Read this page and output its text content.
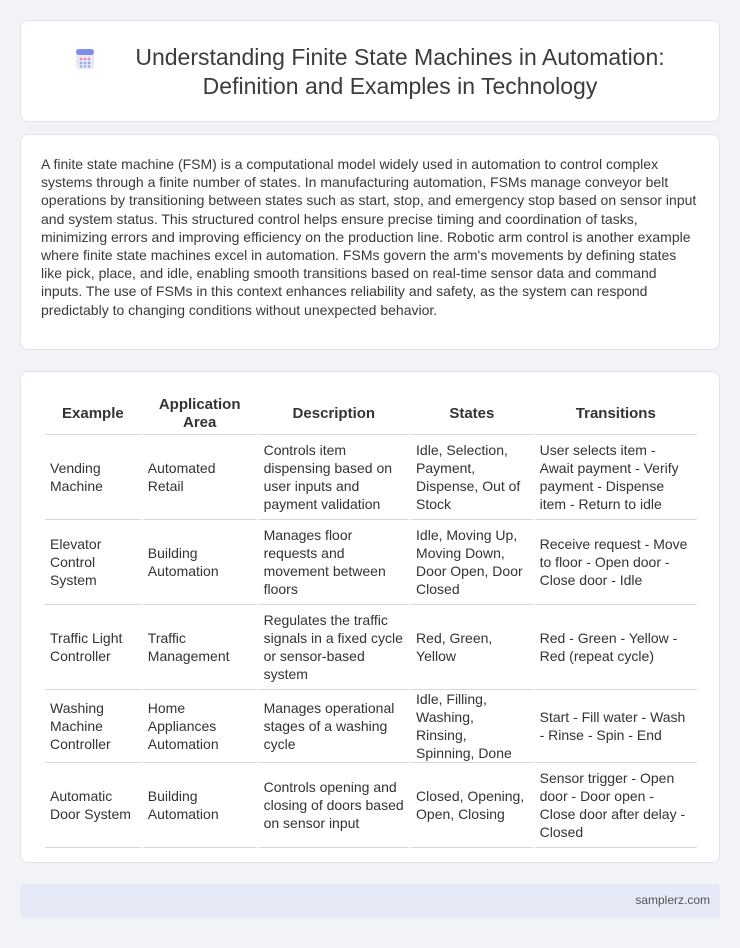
Understanding Finite State Machines in Automation: Definition and Examples in Technology

A finite state machine (FSM) is a computational model widely used in automation to control complex systems through a finite number of states. In manufacturing automation, FSMs manage conveyor belt operations by transitioning between states such as start, stop, and emergency stop based on sensor input and system status. This structured control helps ensure precise timing and coordination of tasks, minimizing errors and improving efficiency on the production line. Robotic arm control is another example where finite state machines excel in automation. FSMs govern the arm's movements by defining states like pick, place, and idle, enabling smooth transitions based on real-time sensor data and command inputs. The use of FSMs in this context enhances reliability and safety, as the system can respond predictably to changing conditions without unexpected behavior.

Example	Application Area	Description	States	Transitions
Vending Machine	Automated Retail	Controls item dispensing based on user inputs and payment validation	Idle, Selection, Payment, Dispense, Out of Stock	User selects item - Await payment - Verify payment - Dispense item - Return to idle
Elevator Control System	Building Automation	Manages floor requests and movement between floors	Idle, Moving Up, Moving Down, Door Open, Door Closed	Receive request - Move to floor - Open door - Close door - Idle
Traffic Light Controller	Traffic Management	Regulates the traffic signals in a fixed cycle or sensor-based system	Red, Green, Yellow	Red - Green - Yellow - Red (repeat cycle)
Washing Machine Controller	Home Appliances Automation	Manages operational stages of a washing cycle	Idle, Filling, Washing, Rinsing, Spinning, Done	Start - Fill water - Wash - Rinse - Spin - End
Automatic Door System	Building Automation	Controls opening and closing of doors based on sensor input	Closed, Opening, Open, Closing	Sensor trigger - Open door - Door open - Close door after delay - Closed
samplerz.com
